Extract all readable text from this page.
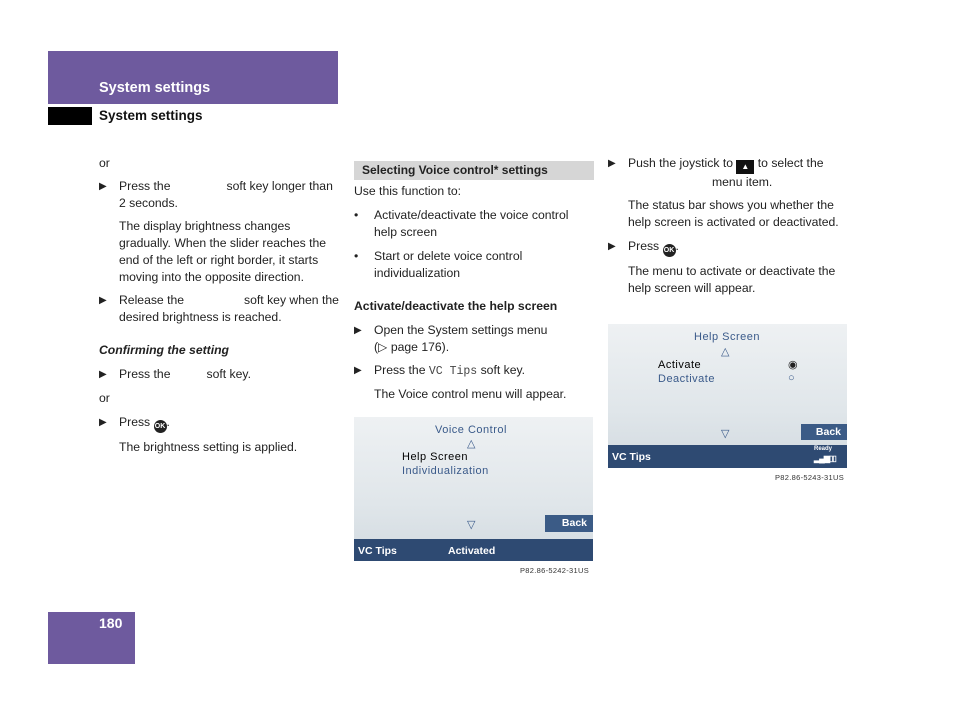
System settings
System settings

or

▶ Press the	soft key longer than 2 seconds.

The display brightness changes gradually. When the slider reaches the end of the left or right border, it starts moving into the opposite direction.

▶ Release the	soft key when the desired brightness is reached.

Confirming the setting

▶ Press the	soft key.

or

▶ Press OK.

The brightness setting is applied.

Selecting Voice control* settings

Use this function to:

• Activate/deactivate the voice control help screen

• Start or delete voice control individualization

Activate/deactivate the help screen

▶ Open the System settings menu
(▷ page 176).

▶ Press the VC Tips soft key.

The Voice control menu will appear.

Voice Control
△
Help Screen
Individualization
▽	Back
VC Tips	Activated
P82.86-5242-31US

▶ Push the joystick to ▲ to select the
menu item.

The status bar shows you whether the help screen is activated or deactivated.

▶ Press OK.

The menu to activate or deactivate the help screen will appear.

Help Screen
△
Activate
Deactivate
◉
○
▽	Back
VC Tips
Ready
▂▄▆▯▯
P82.86-5243-31US
180
